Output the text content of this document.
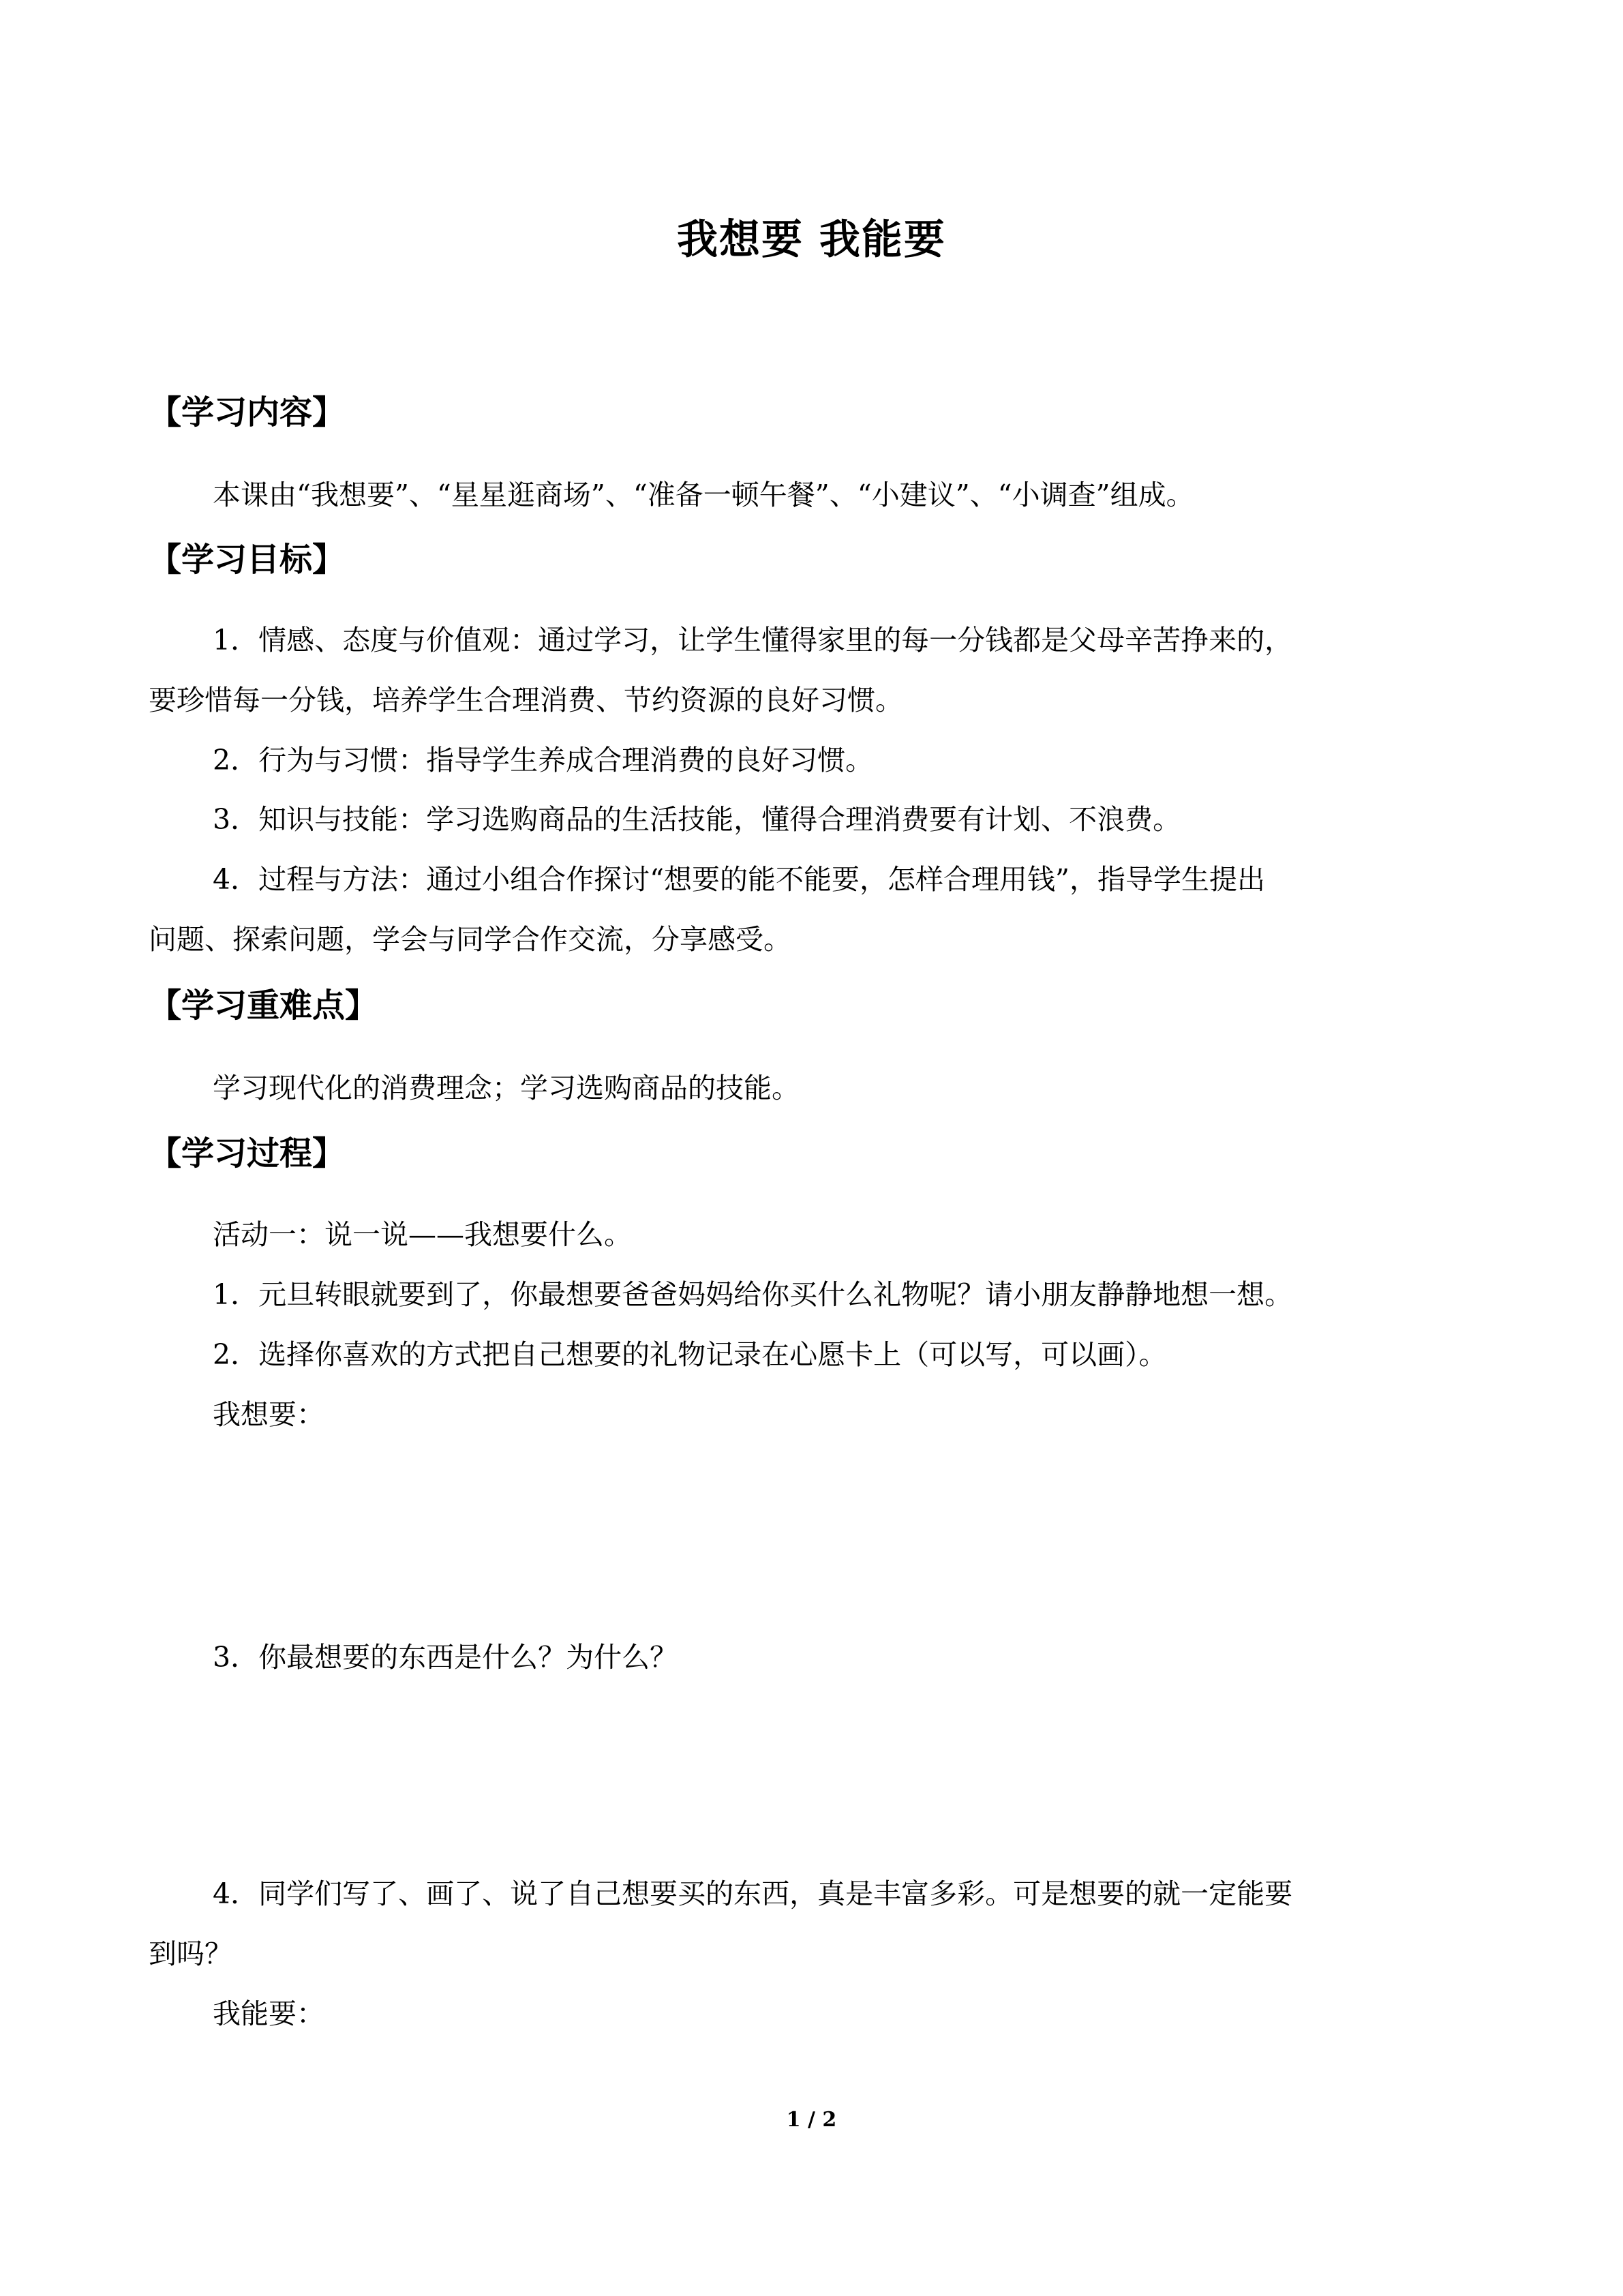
我想要 我能要
【学习内容】
本课由“我想要”、“星星逛商场”、“准备一顿午餐”、“小建议”、“小调查”组成。
【学习目标】
1．情感、态度与价值观：通过学习，让学生懂得家里的每一分钱都是父母辛苦挣来的，
要珍惜每一分钱，培养学生合理消费、节约资源的良好习惯。
2．行为与习惯：指导学生养成合理消费的良好习惯。
3．知识与技能：学习选购商品的生活技能，懂得合理消费要有计划、不浪费。
4．过程与方法：通过小组合作探讨“想要的能不能要，怎样合理用钱”，指导学生提出
问题、探索问题，学会与同学合作交流，分享感受。
【学习重难点】
学习现代化的消费理念；学习选购商品的技能。
【学习过程】
活动一：说一说——我想要什么。
1．元旦转眼就要到了，你最想要爸爸妈妈给你买什么礼物呢？请小朋友静静地想一想。
2．选择你喜欢的方式把自己想要的礼物记录在心愿卡上（可以写，可以画）。
我想要：
3．你最想要的东西是什么？为什么？
4．同学们写了、画了、说了自己想要买的东西，真是丰富多彩。可是想要的就一定能要
到吗？
我能要：
1 / 2
